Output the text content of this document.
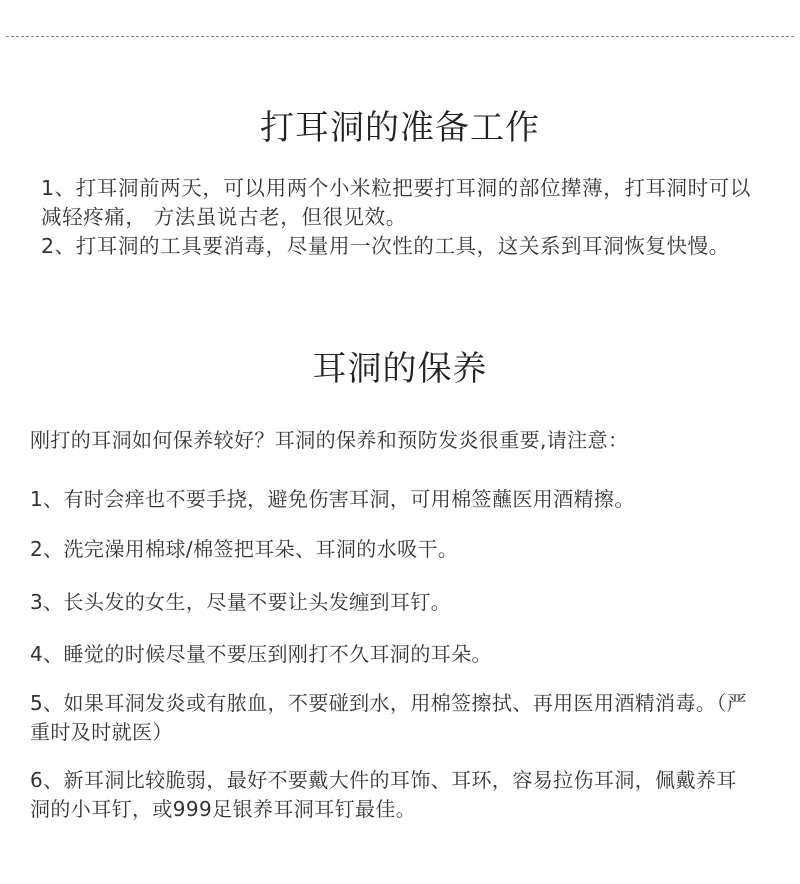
打耳洞的准备工作

1、打耳洞前两天，可以用两个小米粒把要打耳洞的部位撵薄，打耳洞时可以减轻疼痛， 方法虽说古老，但很见效。

2、打耳洞的工具要消毒，尽量用一次性的工具，这关系到耳洞恢复快慢。

耳洞的保养

刚打的耳洞如何保养较好？耳洞的保养和预防发炎很重要,请注意：

1、有时会痒也不要手挠，避免伤害耳洞，可用棉签蘸医用酒精擦。

2、洗完澡用棉球/棉签把耳朵、耳洞的水吸干。

3、长头发的女生，尽量不要让头发缠到耳钉。

4、睡觉的时候尽量不要压到刚打不久耳洞的耳朵。

5、如果耳洞发炎或有脓血，不要碰到水，用棉签擦拭、再用医用酒精消毒。（严重时及时就医）

6、新耳洞比较脆弱，最好不要戴大件的耳饰、耳环，容易拉伤耳洞，佩戴养耳洞的小耳钉，或999足银养耳洞耳钉最佳。
